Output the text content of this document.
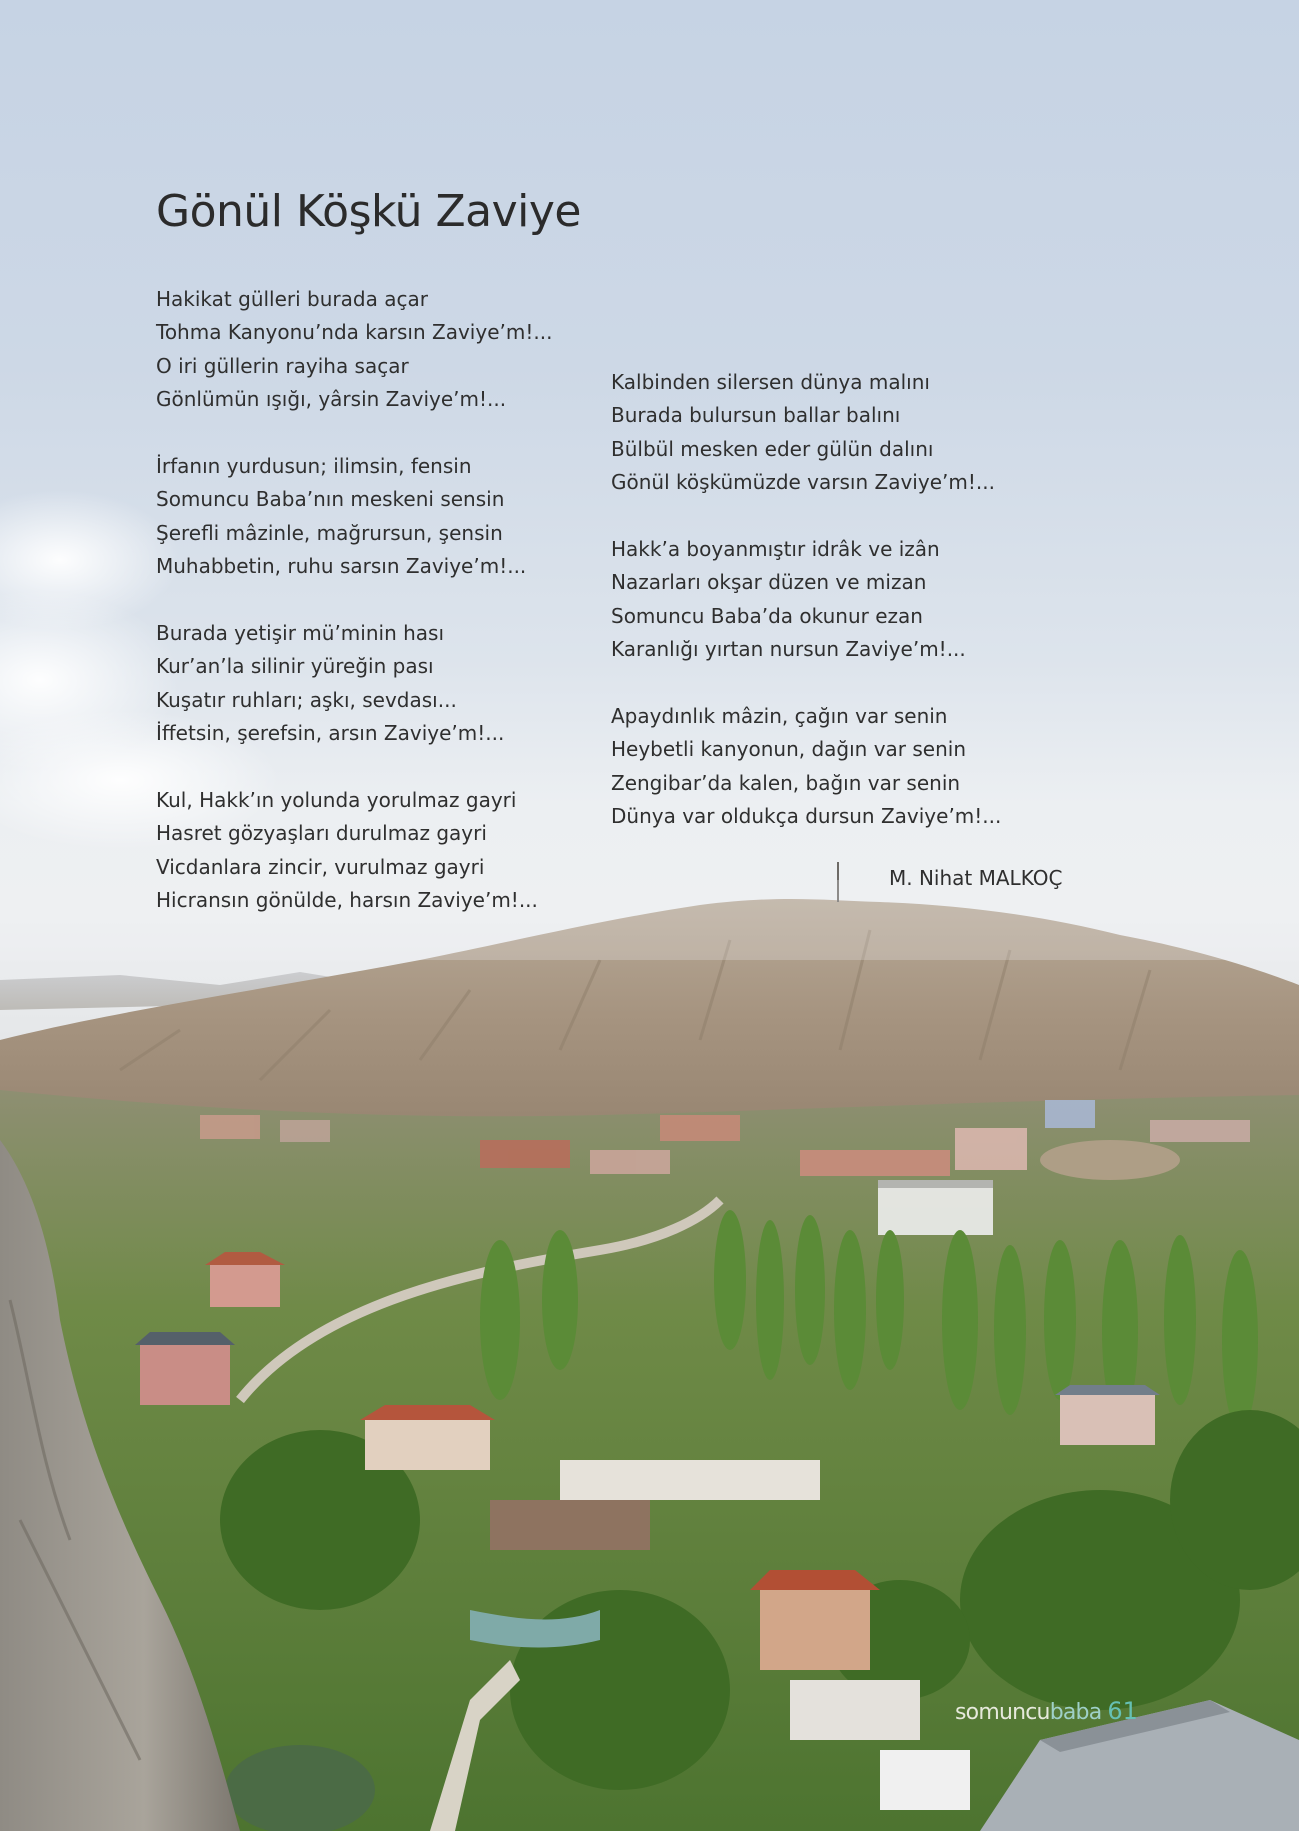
Gönül Köşkü Zaviye
Hakikat gülleri burada açar
Tohma Kanyonu’nda karsın Zaviye’m!...
O iri güllerin rayiha saçar
Gönlümün ışığı, yârsin Zaviye’m!...
İrfanın yurdusun; ilimsin, fensin
Somuncu Baba’nın meskeni sensin
Şerefli mâzinle, mağrursun, şensin
Muhabbetin, ruhu sarsın Zaviye’m!...
Burada yetişir mü’minin hası
Kur’an’la silinir yüreğin pası
Kuşatır ruhları; aşkı, sevdası...
İffetsin, şerefsin, arsın Zaviye’m!...
Kul, Hakk’ın yolunda yorulmaz gayri
Hasret gözyaşları durulmaz gayri
Vicdanlara zincir, vurulmaz gayri
Hicransın gönülde, harsın Zaviye’m!...
Kalbinden silersen dünya malını
Burada bulursun ballar balını
Bülbül mesken eder gülün dalını
Gönül köşkümüzde varsın Zaviye’m!...
Hakk’a boyanmıştır idrâk ve izân
Nazarları okşar düzen ve mizan
Somuncu Baba’da okunur ezan
Karanlığı yırtan nursun Zaviye’m!...
Apaydınlık mâzin, çağın var senin
Heybetli kanyonun, dağın var senin
Zengibar’da kalen, bağın var senin
Dünya var oldukça dursun Zaviye’m!...
M. Nihat MALKOÇ
somuncubaba 61
